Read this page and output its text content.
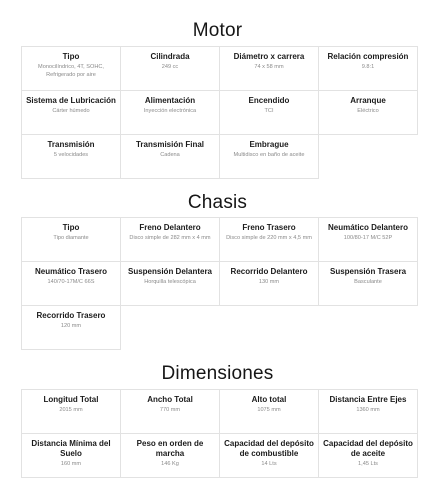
Motor
Tipo
Monocilíndrico, 4T, SOHC, Refrigerado por aire
Cilindrada
249 cc
Diámetro x carrera
74 x 58 mm
Relación compresión
9.8:1
Sistema de Lubricación
Cárter húmedo
Alimentación
Inyección electrónica
Encendido
TCI
Arranque
Eléctrico
Transmisión
5 velocidades
Transmisión Final
Cadena
Embrague
Multidisco en baño de aceite
Chasis
Tipo
Tipo diamante
Freno Delantero
Disco simple de 282 mm x 4 mm
Freno Trasero
Disco simple de 220 mm x 4,5 mm
Neumático Delantero
100/80-17 M/C 52P
Neumático Trasero
140/70-17M/C 66S
Suspensión Delantera
Horquilla telescópica
Recorrido Delantero
130 mm
Suspensión Trasera
Basculante
Recorrido Trasero
120 mm
Dimensiones
Longitud Total
2015 mm
Ancho Total
770 mm
Alto total
1075 mm
Distancia Entre Ejes
1360 mm
Distancia Mínima del Suelo
160 mm
Peso en orden de marcha
146 Kg
Capacidad del depósito de combustible
14 Lts
Capacidad del depósito de aceite
1,45 Lts
